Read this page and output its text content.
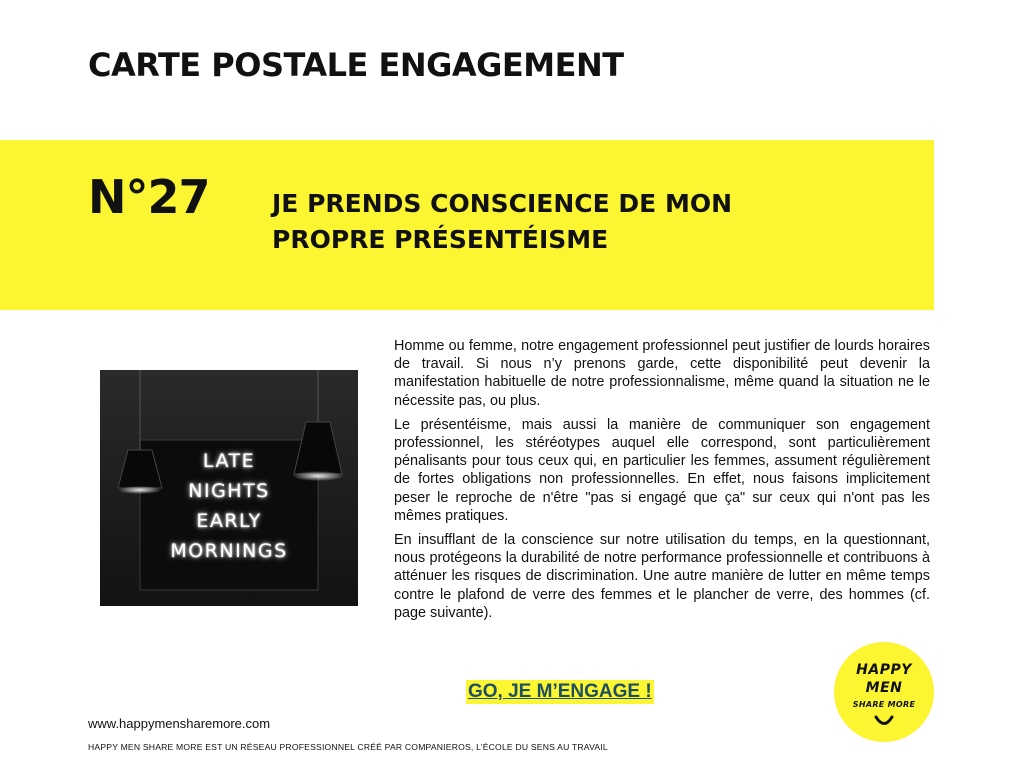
CARTE POSTALE ENGAGEMENT
N°27 JE PRENDS CONSCIENCE DE MON
PROPRE PRÉSENTÉISME
LATE
NIGHTS
EARLY
MORNINGS

Homme ou femme, notre engagement professionnel peut justifier de lourds horaires de travail. Si nous n’y prenons garde, cette disponibilité peut devenir la manifestation habituelle de notre professionnalisme, même quand la situation ne le nécessite pas, ou plus.

Le présentéisme, mais aussi la manière de communiquer son engagement professionnel, les stéréotypes auquel elle correspond, sont particulièrement pénalisants pour tous ceux qui, en particulier les femmes, assument régulièrement de fortes obligations non professionnelles. En effet, nous faisons implicitement peser le reproche de n'être "pas si engagé que ça" sur ceux qui n'ont pas les mêmes pratiques.

En insufflant de la conscience sur notre utilisation du temps, en la questionnant, nous protégeons la durabilité de notre performance professionnelle et contribuons à atténuer les risques de discrimination. Une autre manière de lutter en même temps contre le plafond de verre des femmes et le plancher de verre, des hommes (cf. page suivante).

GO, JE M’ENGAGE !
HAPPY
MEN
SHARE MORE
www.happymensharemore.com
HAPPY MEN SHARE MORE EST UN RÉSEAU PROFESSIONNEL CRÉÉ PAR COMPANIEROS, L’ÉCOLE DU SENS AU TRAVAIL
